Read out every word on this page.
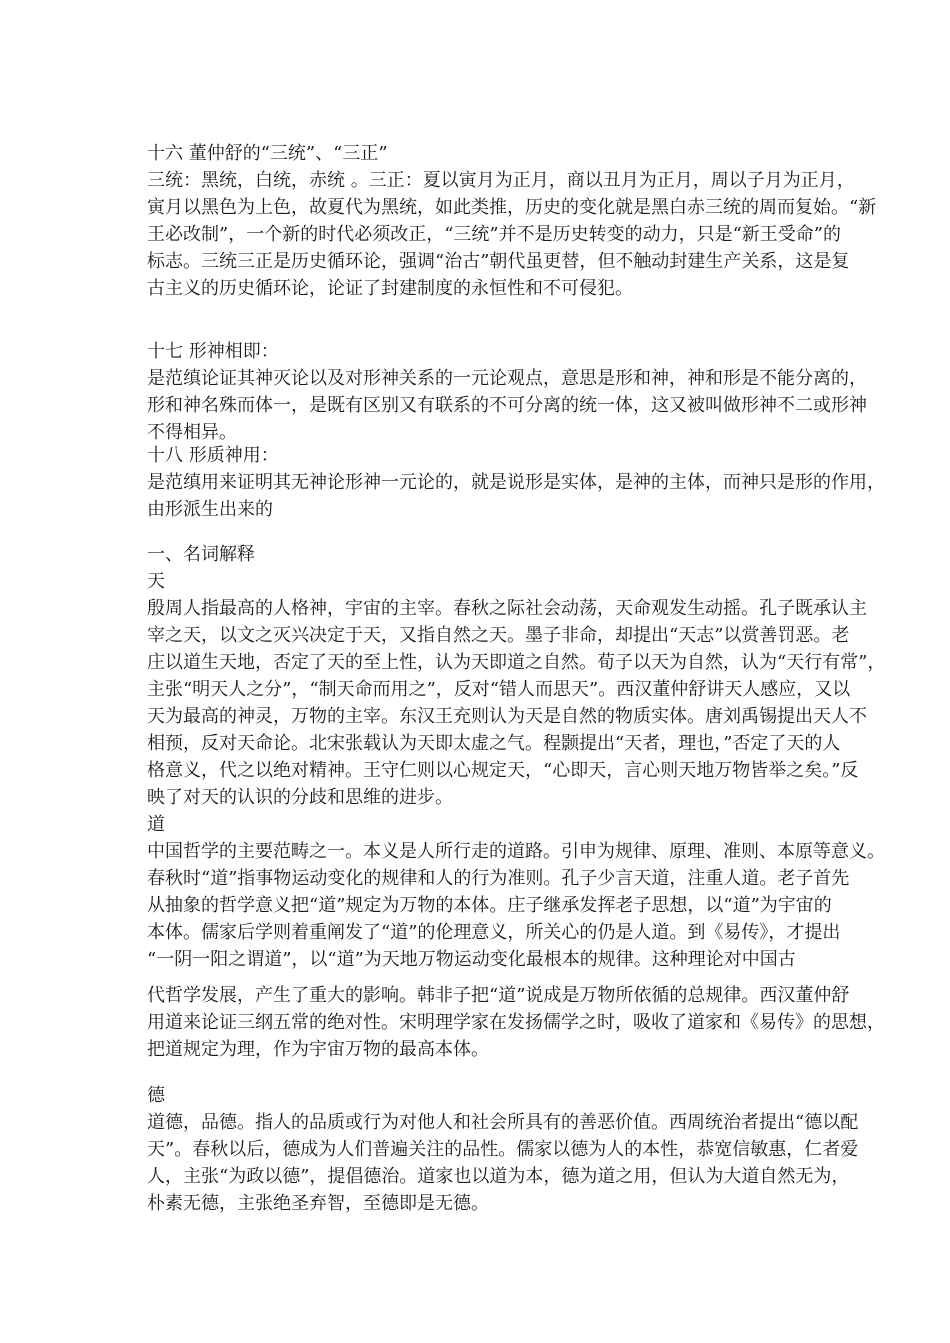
十六 董仲舒的“三统”、“三正”
三统：黑统，白统，赤统 。三正：夏以寅月为正月，商以丑月为正月，周以子月为正月，
寅月以黑色为上色，故夏代为黑统，如此类推，历史的变化就是黑白赤三统的周而复始。“新
王必改制”，一个新的时代必须改正，“三统”并不是历史转变的动力，只是“新王受命”的
标志。三统三正是历史循环论，强调“治古”朝代虽更替，但不触动封建生产关系，这是复
古主义的历史循环论，论证了封建制度的永恒性和不可侵犯。
十七 形神相即：
是范缜论证其神灭论以及对形神关系的一元论观点，意思是形和神，神和形是不能分离的，
形和神名殊而体一，是既有区别又有联系的不可分离的统一体，这又被叫做形神不二或形神
不得相异。
十八 形质神用：
是范缜用来证明其无神论形神一元论的，就是说形是实体，是神的主体，而神只是形的作用，
由形派生出来的
一、名词解释
天
殷周人指最高的人格神，宇宙的主宰。春秋之际社会动荡，天命观发生动摇。孔子既承认主
宰之天，以文之灭兴决定于天，又指自然之天。墨子非命，却提出“天志”以赏善罚恶。老
庄以道生天地，否定了天的至上性，认为天即道之自然。荀子以天为自然，认为“天行有常”，
主张“明天人之分”，“制天命而用之”，反对“错人而思天”。西汉董仲舒讲天人感应，又以
天为最高的神灵，万物的主宰。东汉王充则认为天是自然的物质实体。唐刘禹锡提出天人不
相预，反对天命论。北宋张载认为天即太虚之气。程颢提出“天者，理也，”否定了天的人
格意义，代之以绝对精神。王守仁则以心规定天，“心即天，言心则天地万物皆举之矣。”反
映了对天的认识的分歧和思维的进步。
道
中国哲学的主要范畴之一。本义是人所行走的道路。引申为规律、原理、准则、本原等意义。
春秋时“道”指事物运动变化的规律和人的行为准则。孔子少言天道，注重人道。老子首先
从抽象的哲学意义把“道”规定为万物的本体。庄子继承发挥老子思想，以“道”为宇宙的
本体。儒家后学则着重阐发了“道”的伦理意义，所关心的仍是人道。到《易传》，才提出
“一阴一阳之谓道”，以“道”为天地万物运动变化最根本的规律。这种理论对中国古
代哲学发展，产生了重大的影响。韩非子把“道”说成是万物所依循的总规律。西汉董仲舒
用道来论证三纲五常的绝对性。宋明理学家在发扬儒学之时，吸收了道家和《易传》的思想，
把道规定为理，作为宇宙万物的最高本体。
德
道德，品德。指人的品质或行为对他人和社会所具有的善恶价值。西周统治者提出“德以配
天”。春秋以后，德成为人们普遍关注的品性。儒家以德为人的本性，恭宽信敏惠，仁者爱
人，主张“为政以德”，提倡德治。道家也以道为本，德为道之用，但认为大道自然无为，
朴素无德，主张绝圣弃智，至德即是无德。
